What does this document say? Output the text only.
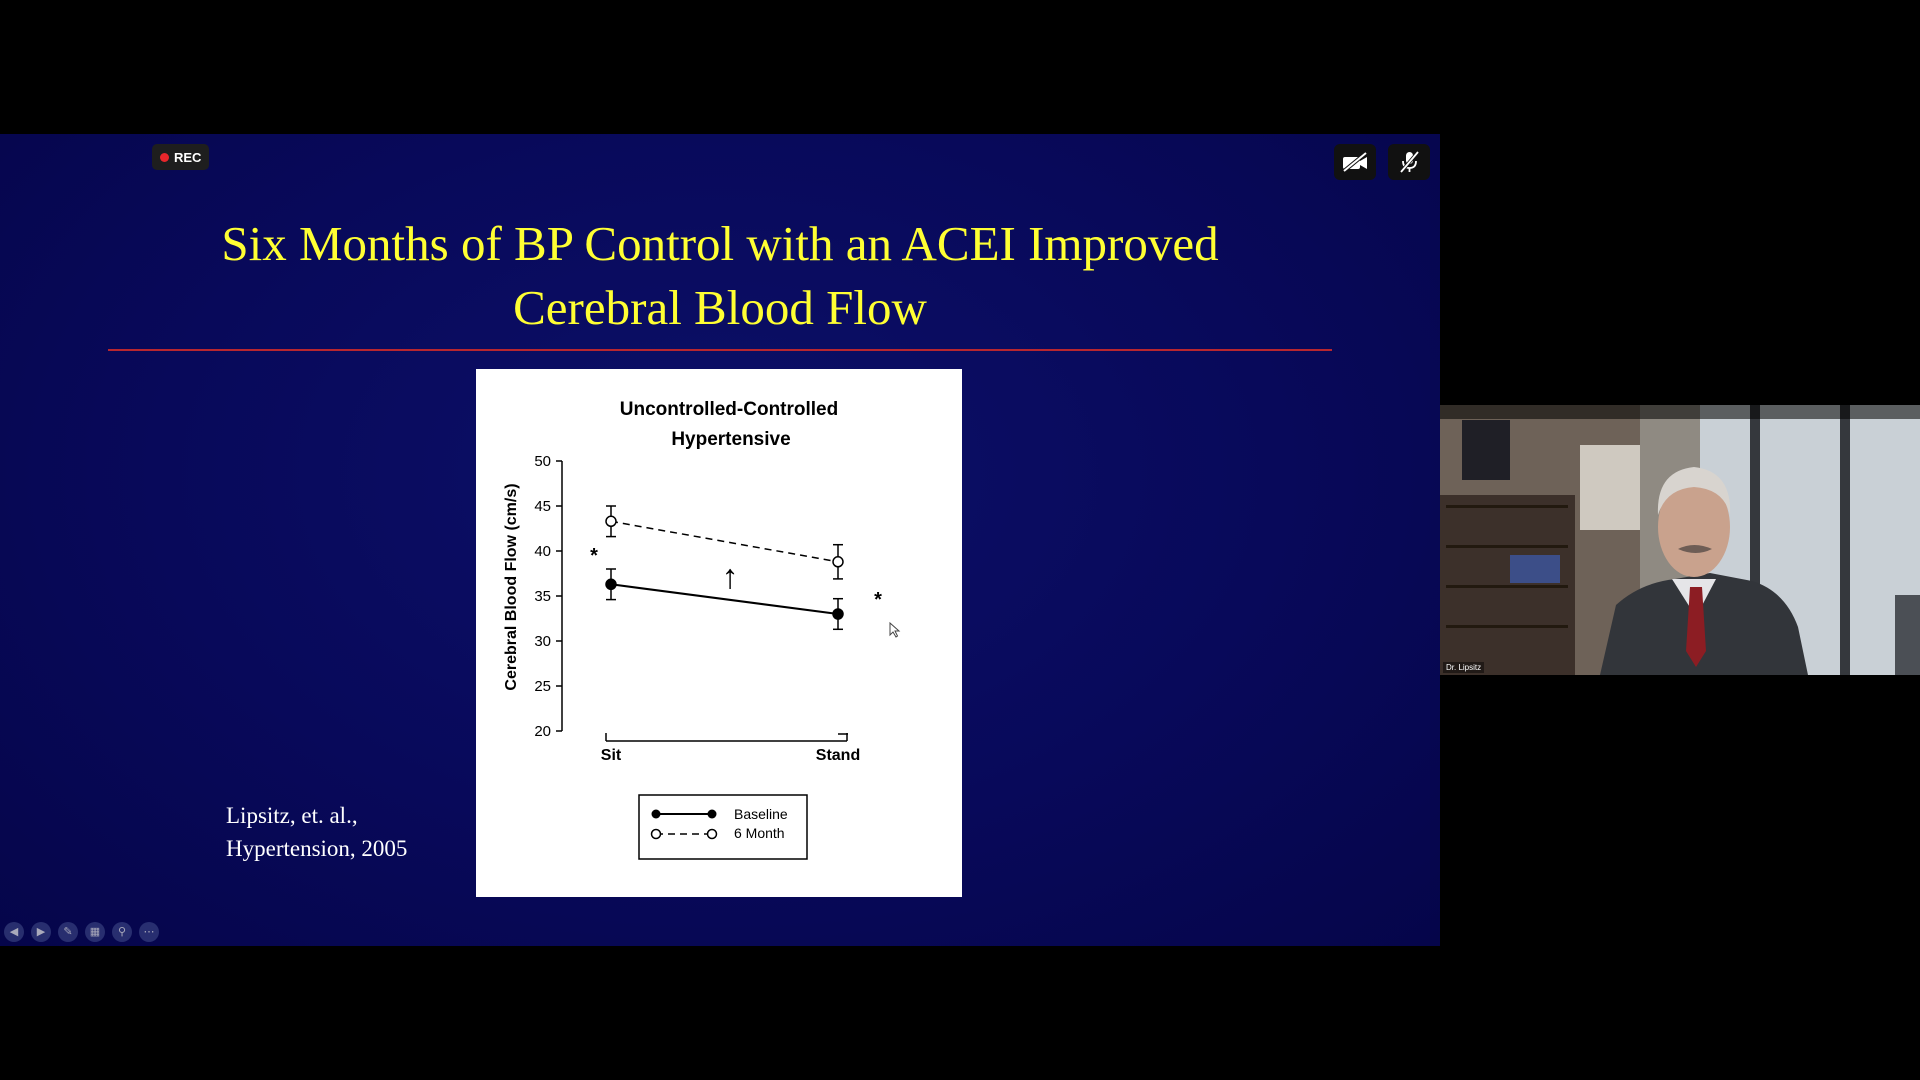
REC
Six Months of BP Control with an ACEI Improved
Cerebral Blood Flow
Uncontrolled-Controlled
Hypertensive
Cerebral Blood Flow (cm/s)
50
45
40
35
30
25
20
Sit	Stand
*
*
↑
Baseline
6 Month
Lipsitz, et. al.,
Hypertension, 2005
◀	▶	✎	▦	⚲	⋯
Dr. Lipsitz
